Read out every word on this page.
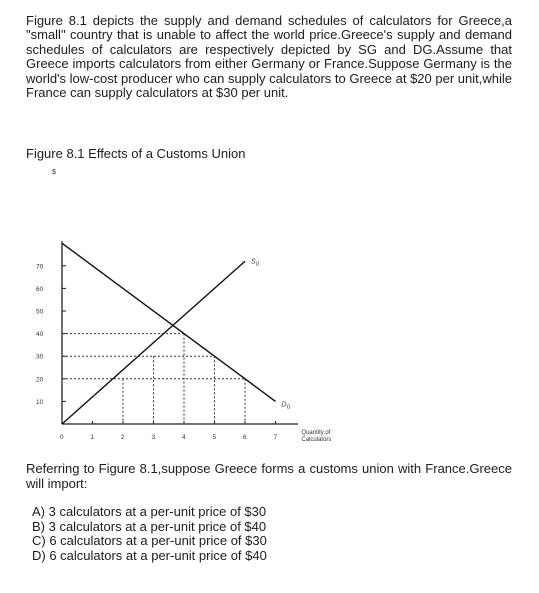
Figure 8.1 depicts the supply and demand schedules of calculators for Greece,a "small" country that is unable to affect the world price.Greece's supply and demand schedules of calculators are respectively depicted by SG and DG.Assume that Greece imports calculators from either Germany or France.Suppose Germany is the world's low-cost producer who can supply calculators to Greece at $20 per unit,while France can supply calculators at $30 per unit.

Figure 8.1 Effects of a Customs Union
$
Quantity of
Calculators
10
20
30
40
50
60
70
0	1	2	3	4	5	6	7
$S_G$
$D_G$

Referring to Figure 8.1,suppose Greece forms a customs union with France.Greece will import:

A) 3 calculators at a per-unit price of $30
B) 3 calculators at a per-unit price of $40
C) 6 calculators at a per-unit price of $30
D) 6 calculators at a per-unit price of $40
